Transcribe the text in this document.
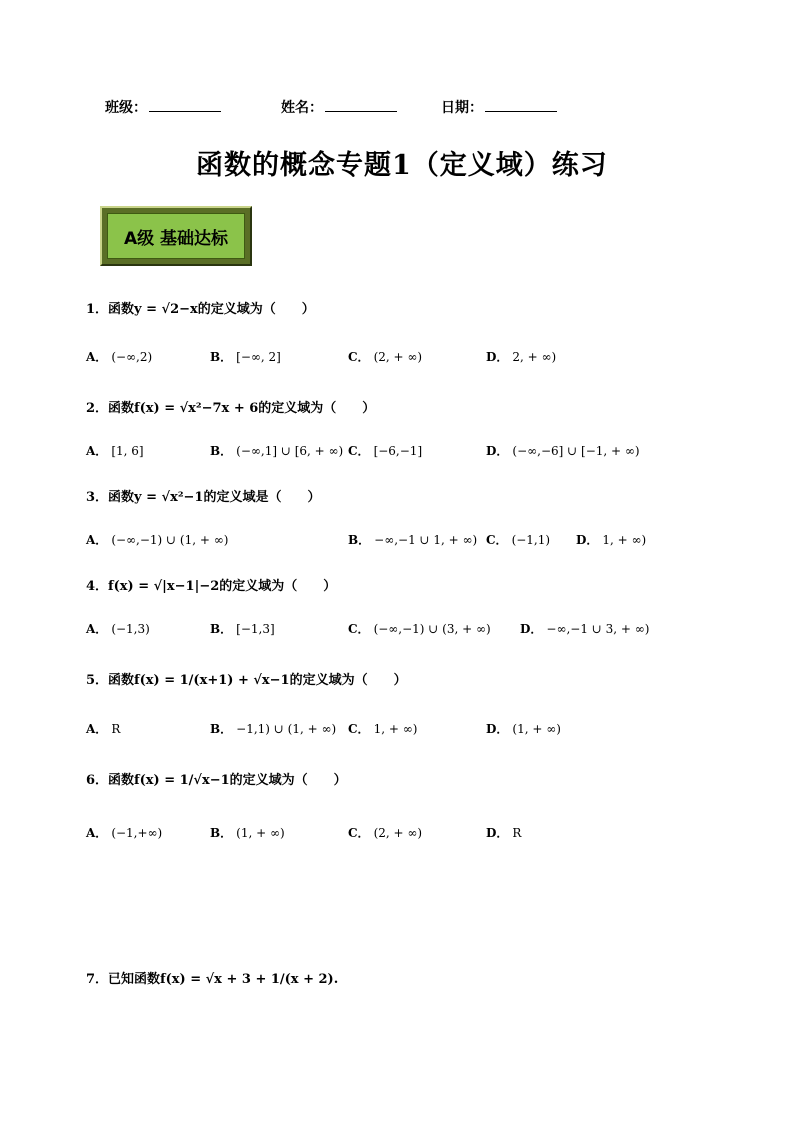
班级：	姓名：	日期：
函数的概念专题1（定义域）练习
A级 基础达标
1．函数y = √2−x的定义域为（　　）
A． (−∞,2)	B． [−∞, 2]	C． (2, + ∞)	D． 2, + ∞)
2．函数f(x) = √x²−7x + 6的定义域为（　　）
A． [1, 6]	B． (−∞,1] ∪ [6, + ∞) C． [−6,−1]	D． (−∞,−6] ∪ [−1, + ∞)
3．函数y = √x²−1的定义域是（　　）
A． (−∞,−1) ∪ (1, + ∞)	B． −∞,−1 ∪ 1, + ∞) C． (−1,1) D． 1, + ∞)
4．f(x) = √|x−1|−2的定义域为（　　）
A． (−1,3)	B． [−1,3]	C． (−∞,−1) ∪ (3, + ∞) D． −∞,−1 ∪ 3, + ∞)
5．函数f(x) = 1/(x+1) + √x−1的定义域为（　　）
A． R	B． −1,1) ∪ (1, + ∞) C． 1, + ∞)	D． (1, + ∞)
6．函数f(x) = 1/√x−1的定义域为（　　）
A． (−1,+∞)	B． (1, + ∞)	C． (2, + ∞)	D． R
7．已知函数f(x) = √x + 3 + 1/(x + 2).
